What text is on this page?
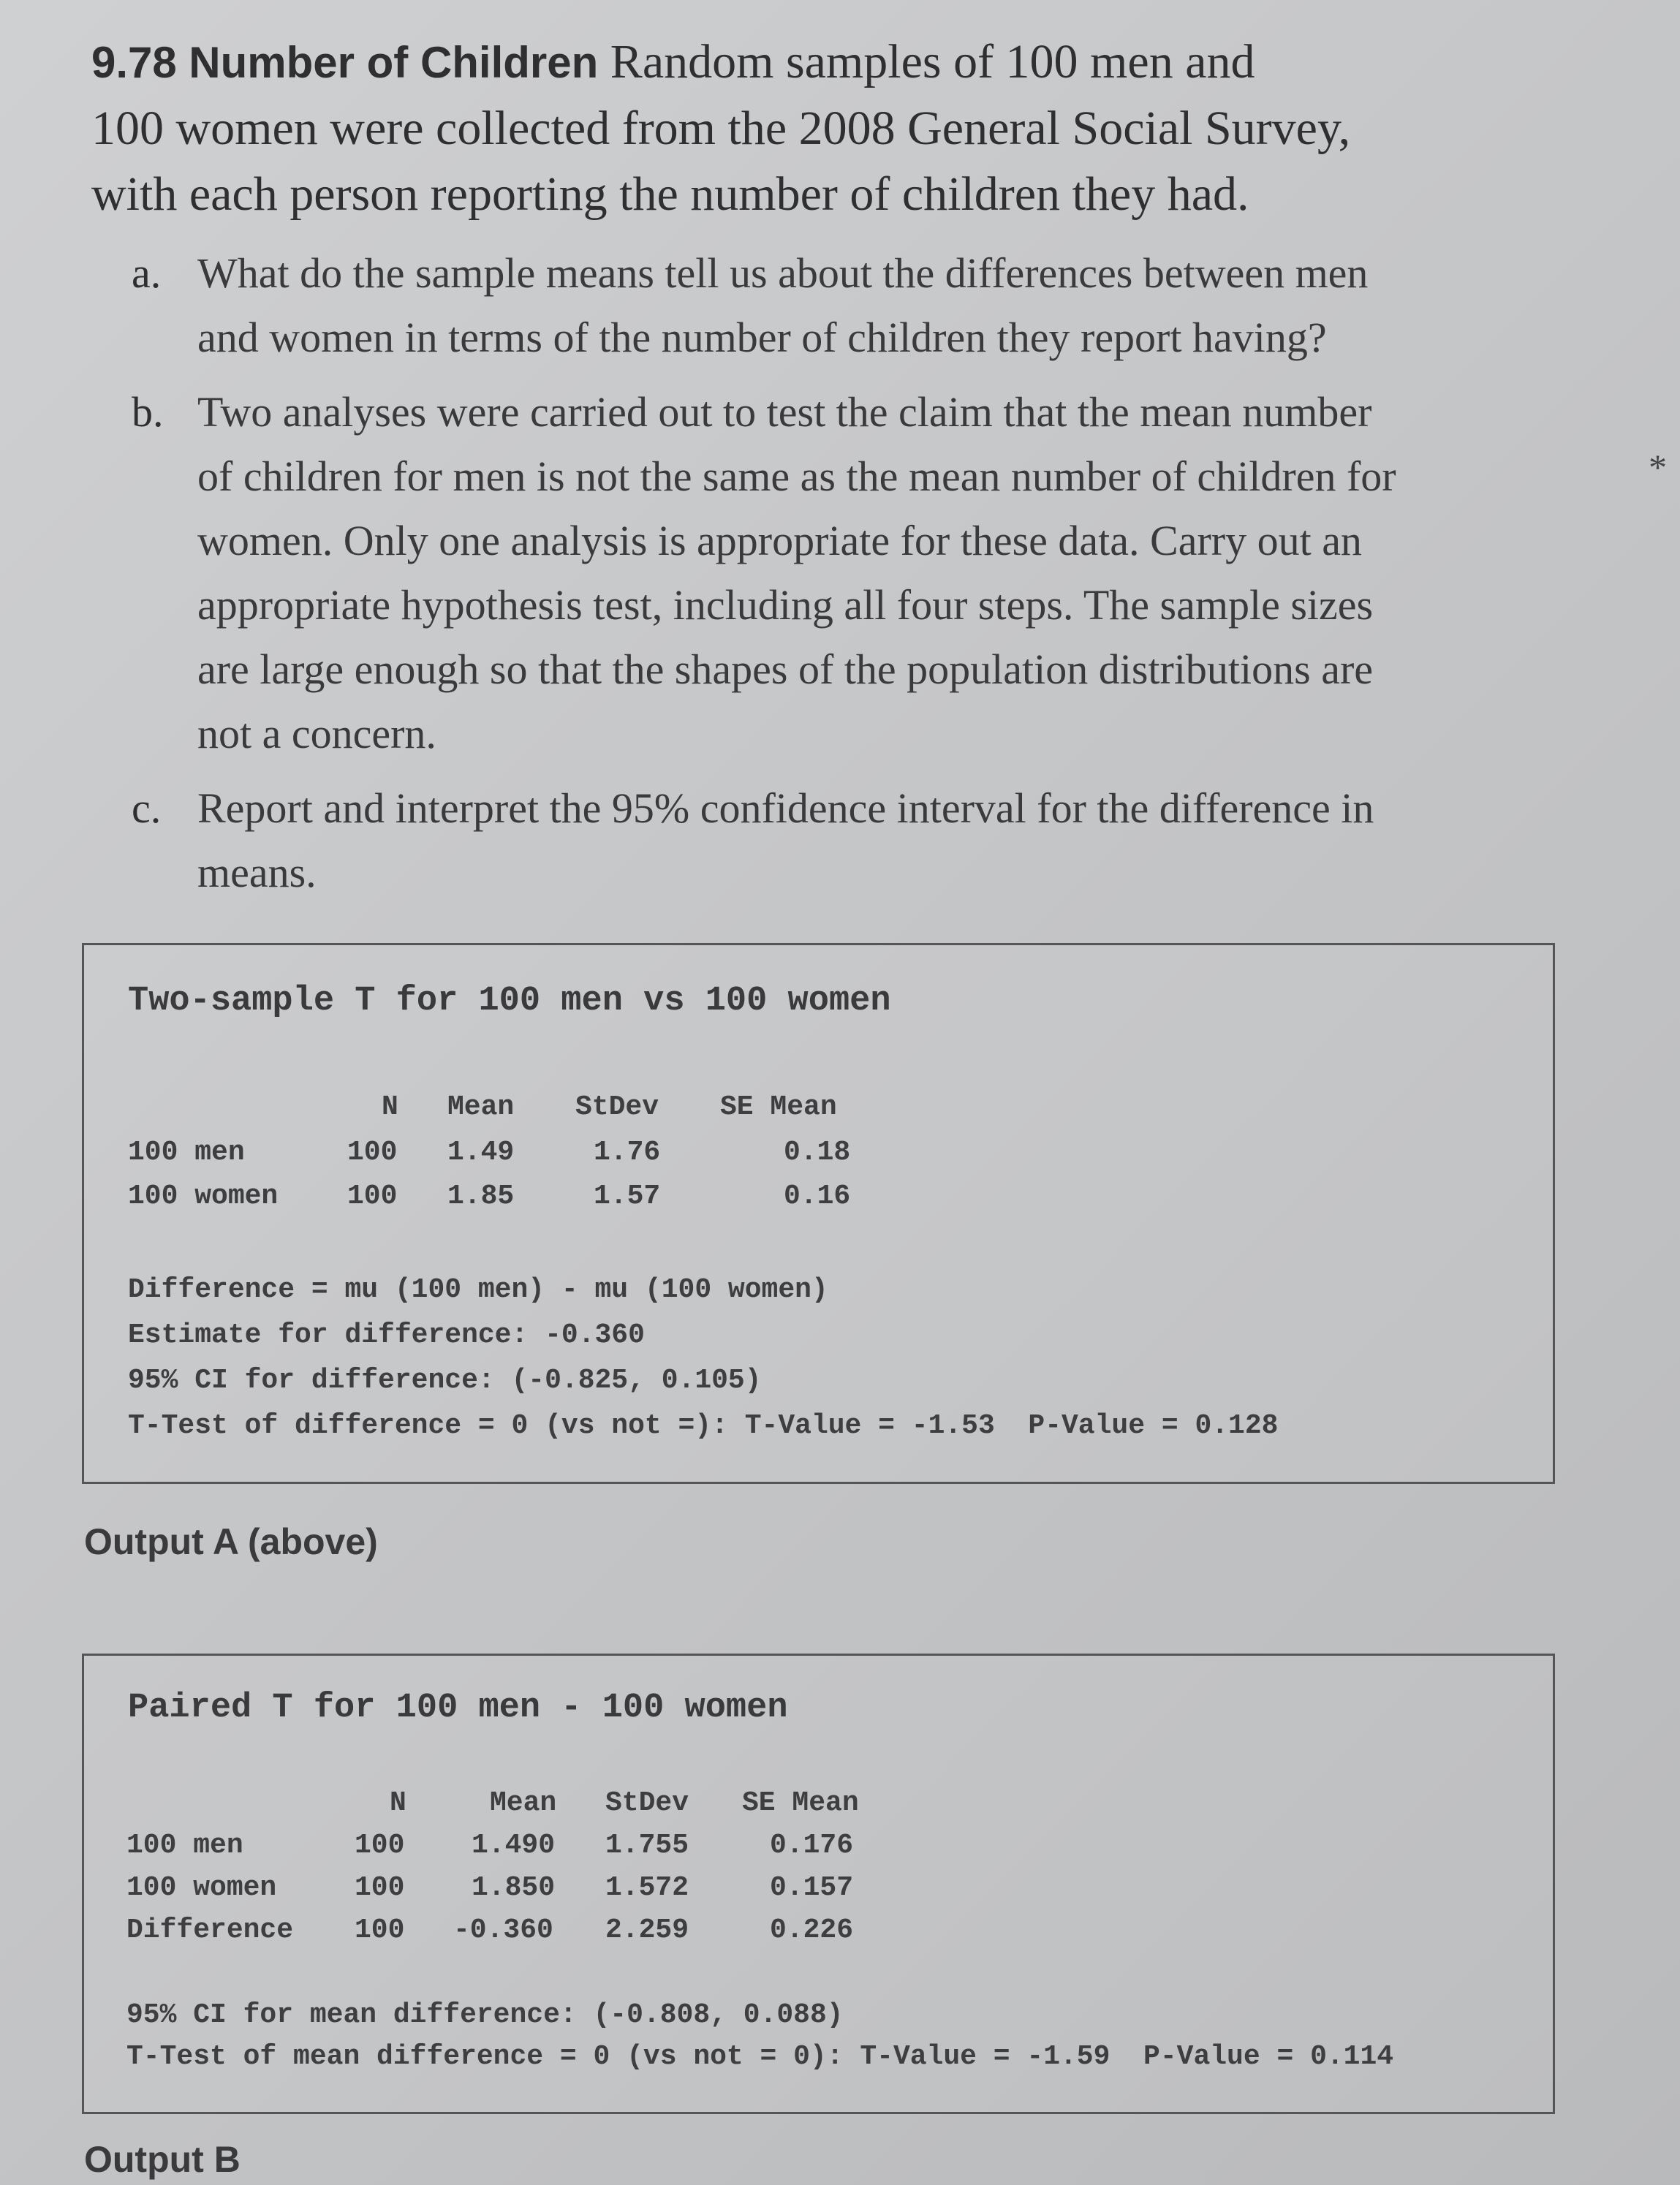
9.78 Number of Children Random samples of 100 men and
100 women were collected from the 2008 General Social Survey,
with each person reporting the number of children they had.

a. What do the sample means tell us about the differences between men
and women in terms of the number of children they report having?
b. Two analyses were carried out to test the claim that the mean number
of children for men is not the same as the mean number of children for
women. Only one analysis is appropriate for these data. Carry out an
appropriate hypothesis test, including all four steps. The sample sizes
are large enough so that the shapes of the population distributions are
not a concern.
c. Report and interpret the 95% confidence interval for the difference in
means.
*
Two-sample T for 100 men vs 100 women
N Mean StDev SE Mean
100 men	100 1.49	1.76	0.18
100 women 100 1.85	1.57	0.16
Difference = mu (100 men) - mu (100 women)
Estimate for difference: -0.360
95% CI for difference: (-0.825, 0.105)
T-Test of difference = 0 (vs not =): T-Value = -1.53  P-Value = 0.128
Output A (above)
Paired T for 100 men - 100 women
N	Mean StDev SE Mean
100 men	100 1.490 1.755	0.176
100 women	100 1.850 1.572	0.157
Difference 100 -0.360 2.259	0.226
95% CI for mean difference: (-0.808, 0.088)
T-Test of mean difference = 0 (vs not = 0): T-Value = -1.59  P-Value = 0.114
Output B
